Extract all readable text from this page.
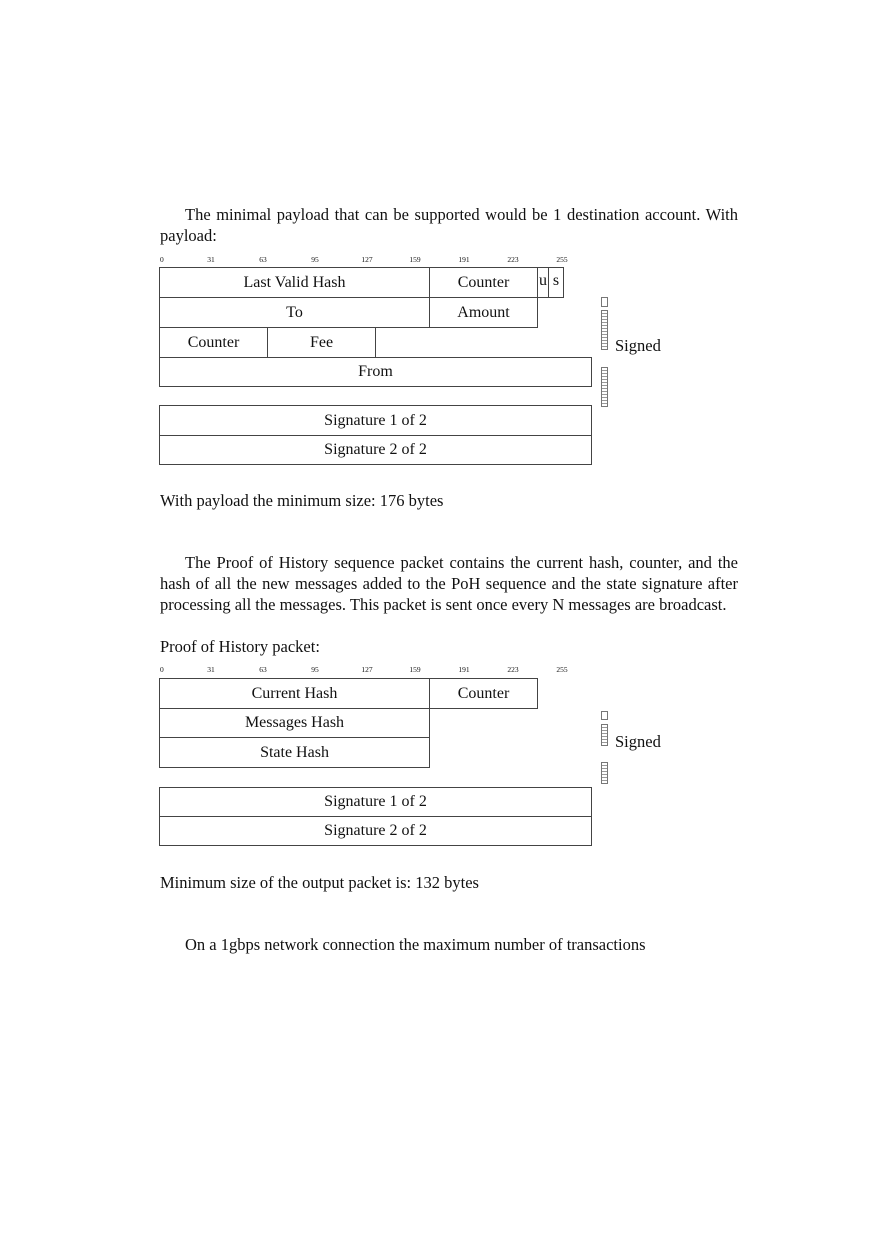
The minimal payload that can be supported would be 1 destination account. With payload:

0	31	63	95	127	159	191	223	255
Last Valid Hash	Counter	u s
To	Amount
Counter	Fee
From
Signature 1 of 2
Signature 2 of 2
Signed

With payload the minimum size: 176 bytes

The Proof of History sequence packet contains the current hash, counter, and the hash of all the new messages added to the PoH sequence and the state signature after processing all the messages. This packet is sent once every N messages are broadcast.

Proof of History packet:

0	31	63	95	127	159	191	223	255
Current Hash	Counter
Messages Hash
State Hash
Signature 1 of 2
Signature 2 of 2
Signed

Minimum size of the output packet is: 132 bytes

On a 1gbps network connection the maximum number of transactions
